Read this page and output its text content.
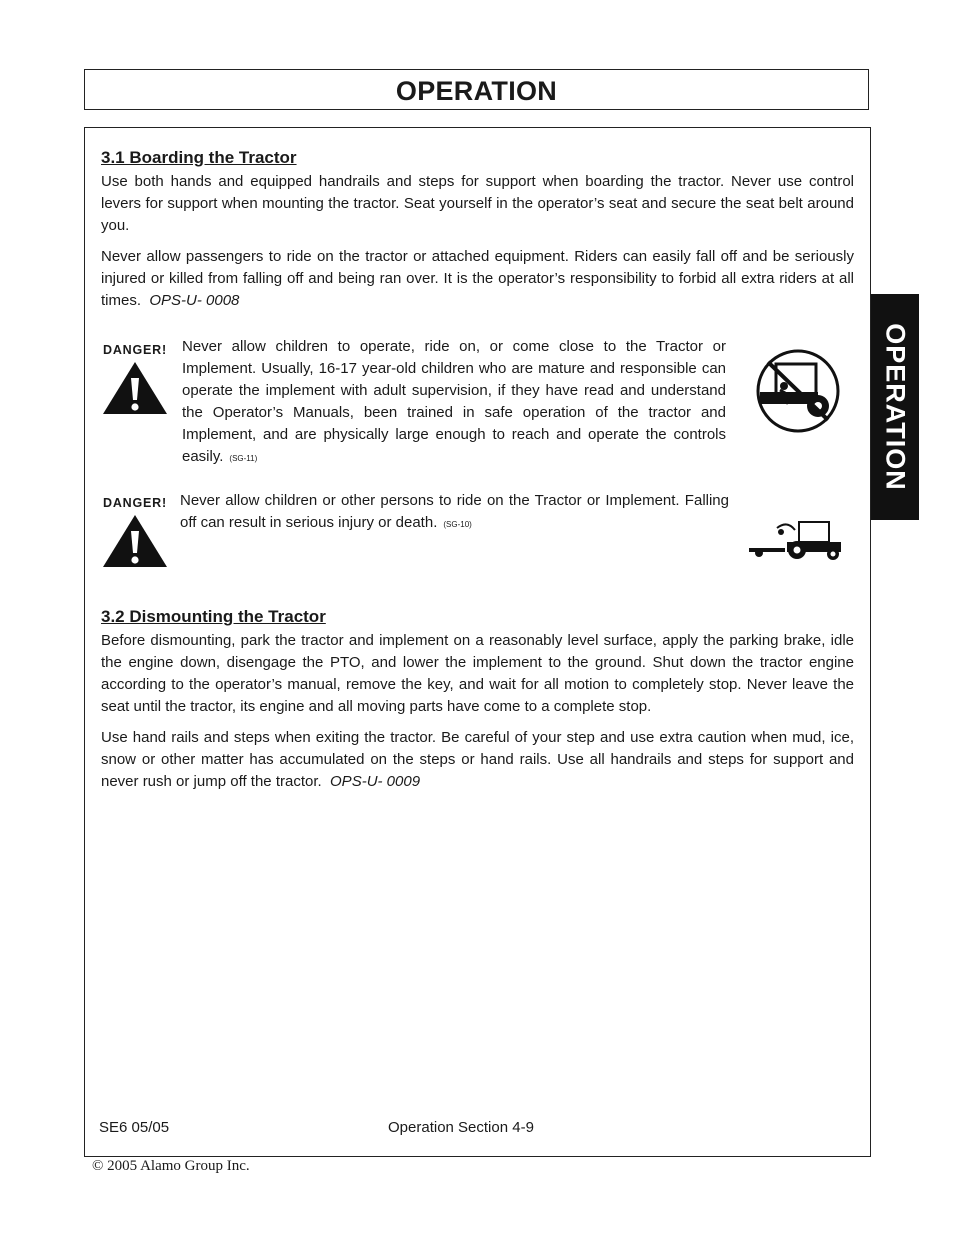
OPERATION
OPERATION
3.1 Boarding the Tractor

Use both hands and equipped handrails and steps for support when boarding the tractor. Never use control levers for support when mounting the tractor. Seat yourself in the operator’s seat and secure the seat belt around you.

Never allow passengers to ride on the tractor or attached equipment. Riders can easily fall off and be seriously injured or killed from falling off and being ran over. It is the operator’s responsibility to forbid all extra riders at all times. OPS-U- 0008

DANGER! Never allow children to operate, ride on, or come close to the Tractor or Implement. Usually, 16-17 year-old children who are mature and responsible can operate the implement with adult supervision, if they have read and understand the Operator’s Manuals, been trained in safe operation of the tractor and Implement, and are physically large enough to reach and operate the controls easily. (SG-11)
DANGER! Never allow children or other persons to ride on the Tractor or Implement. Falling off can result in serious injury or death. (SG-10)
3.2 Dismounting the Tractor

Before dismounting, park the tractor and implement on a reasonably level surface, apply the parking brake, idle the engine down, disengage the PTO, and lower the implement to the ground. Shut down the tractor engine according to the operator’s manual, remove the key, and wait for all motion to completely stop. Never leave the seat until the tractor, its engine and all moving parts have come to a complete stop.

Use hand rails and steps when exiting the tractor. Be careful of your step and use extra caution when mud, ice, snow or other matter has accumulated on the steps or hand rails. Use all handrails and steps for support and never rush or jump off the tractor. OPS-U- 0009

SE6 05/05	Operation Section 4-9
© 2005 Alamo Group Inc.
